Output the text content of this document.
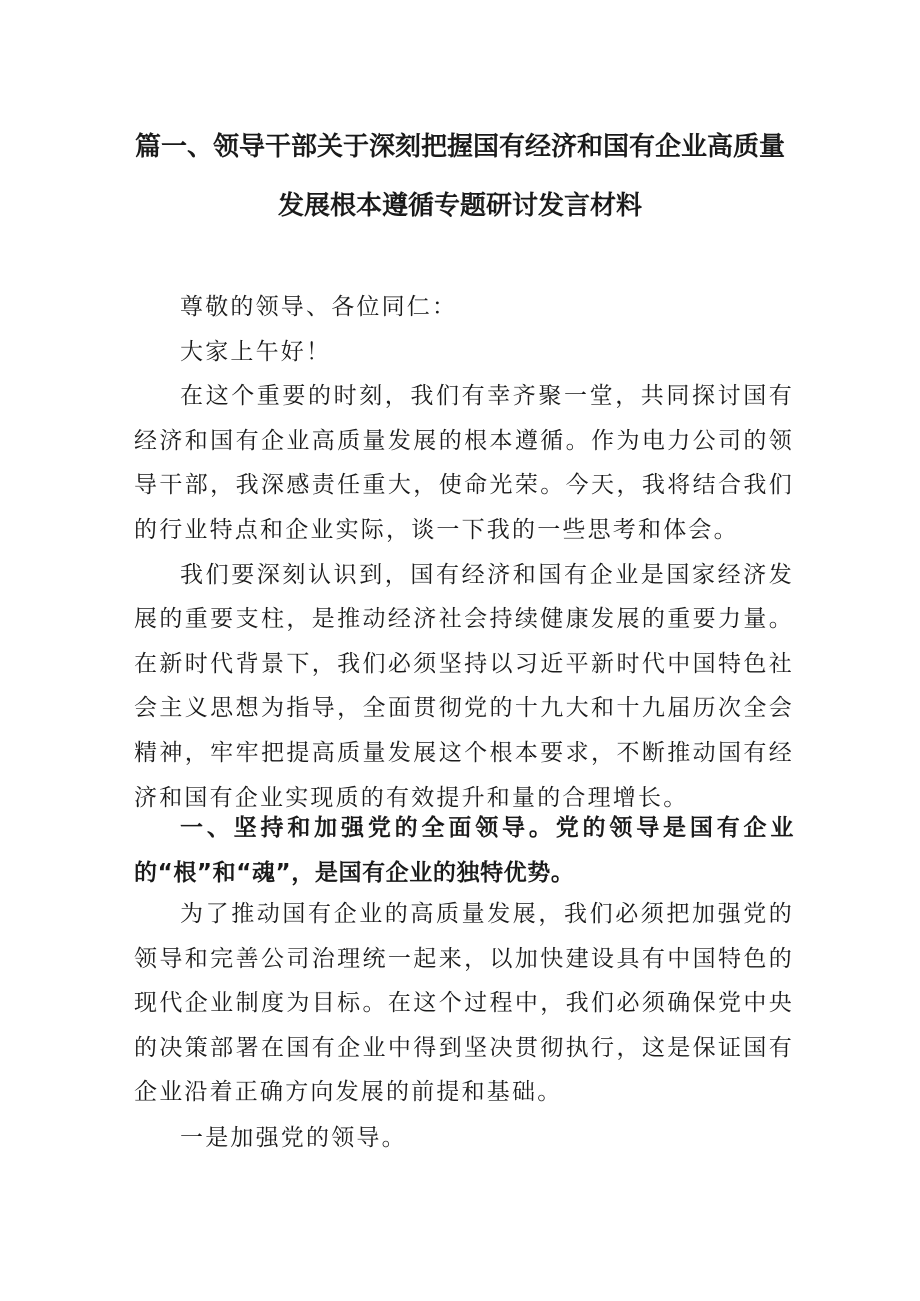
篇一、领导干部关于深刻把握国有经济和国有企业高质量
发展根本遵循专题研讨发言材料

尊敬的领导、各位同仁：

大家上午好！

在这个重要的时刻，我们有幸齐聚一堂，共同探讨国有经济和国有企业高质量发展的根本遵循。作为电力公司的领导干部，我深感责任重大，使命光荣。今天，我将结合我们的行业特点和企业实际，谈一下我的一些思考和体会。

我们要深刻认识到，国有经济和国有企业是国家经济发展的重要支柱，是推动经济社会持续健康发展的重要力量。在新时代背景下，我们必须坚持以习近平新时代中国特色社会主义思想为指导，全面贯彻党的十九大和十九届历次全会精神，牢牢把提高质量发展这个根本要求，不断推动国有经济和国有企业实现质的有效提升和量的合理增长。

一、坚持和加强党的全面领导。党的领导是国有企业的“根”和“魂”，是国有企业的独特优势。

为了推动国有企业的高质量发展，我们必须把加强党的领导和完善公司治理统一起来，以加快建设具有中国特色的现代企业制度为目标。在这个过程中，我们必须确保党中央的决策部署在国有企业中得到坚决贯彻执行，这是保证国有企业沿着正确方向发展的前提和基础。

一是加强党的领导。
